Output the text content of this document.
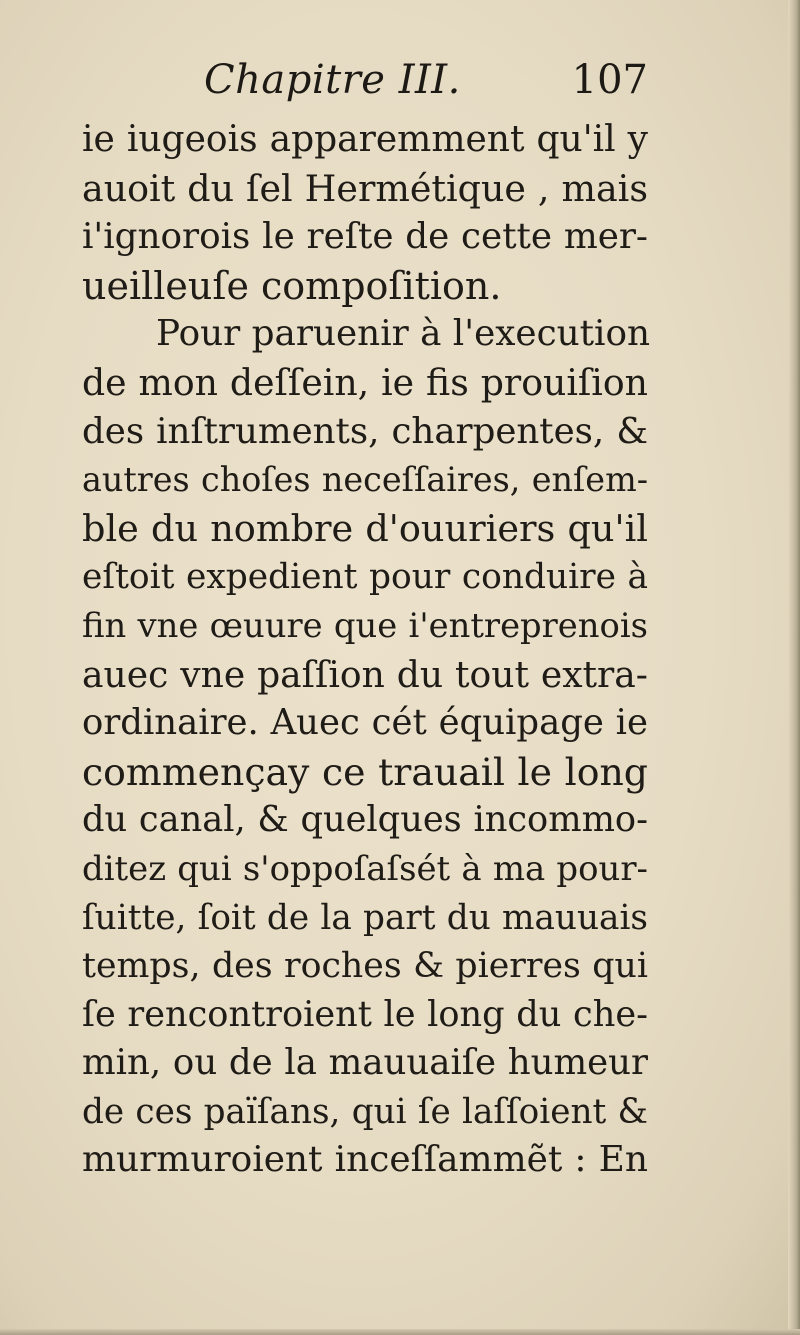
Chapitre III.	107
ie iugeois apparemment qu'il y
auoit du ſel Hermétique , mais
i'ignorois le reſte de cette mer-
ueilleuſe compoſition.
Pour paruenir à l'execution
de mon deſſein, ie fis prouiſion
des inſtruments, charpentes, &
autres choſes neceſſaires, enſem-
ble du nombre d'ouuriers qu'il
eſtoit expedient pour conduire à
fin vne œuure que i'entreprenois
auec vne paſſion du tout extra-
ordinaire. Auec cét équipage ie
commençay ce trauail le long
du canal, & quelques incommo-
ditez qui s'oppoſaſsét à ma pour-
ſuitte, ſoit de la part du mauuais
temps, des roches & pierres qui
ſe rencontroient le long du che-
min, ou de la mauuaiſe humeur
de ces païſans, qui ſe laſſoient &
murmuroient inceſſammẽt : En
